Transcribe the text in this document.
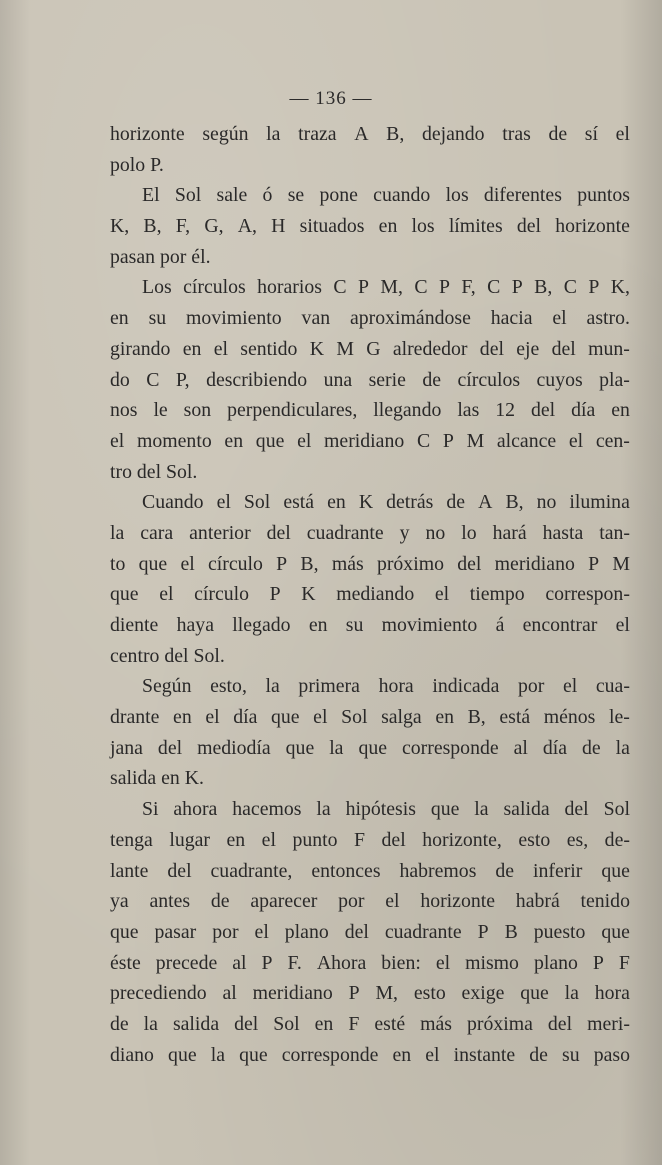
— 136 —
horizonte según la traza A B, dejando tras de sí el
polo P.
El Sol sale ó se pone cuando los diferentes puntos
K, B, F, G, A, H situados en los límites del horizonte
pasan por él.
Los círculos horarios C P M, C P F, C P B, C P K,
en su movimiento van aproximándose hacia el astro.
girando en el sentido K M G alrededor del eje del mun-
do C P, describiendo una serie de círculos cuyos pla-
nos le son perpendiculares, llegando las 12 del día en
el momento en que el meridiano C P M alcance el cen-
tro del Sol.
Cuando el Sol está en K detrás de A B, no ilumina
la cara anterior del cuadrante y no lo hará hasta tan-
to que el círculo P B, más próximo del meridiano P M
que el círculo P K mediando el tiempo correspon-
diente haya llegado en su movimiento á encontrar el
centro del Sol.
Según esto, la primera hora indicada por el cua-
drante en el día que el Sol salga en B, está ménos le-
jana del mediodía que la que corresponde al día de la
salida en K.
Si ahora hacemos la hipótesis que la salida del Sol
tenga lugar en el punto F del horizonte, esto es, de-
lante del cuadrante, entonces habremos de inferir que
ya antes de aparecer por el horizonte habrá tenido
que pasar por el plano del cuadrante P B puesto que
éste precede al P F. Ahora bien: el mismo plano P F
precediendo al meridiano P M, esto exige que la hora
de la salida del Sol en F esté más próxima del meri-
diano que la que corresponde en el instante de su paso
